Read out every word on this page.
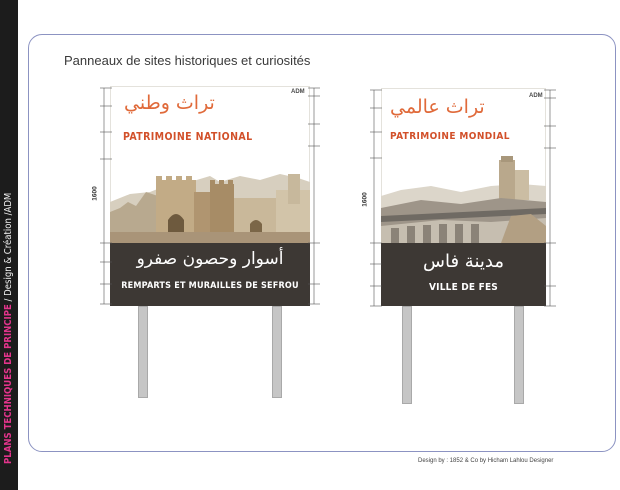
PLANS TECHNIQUES DE PRINCIPE / Design & Création /ADM
Panneaux de sites historiques et curiosités
Design by : 1852 & Co by Hicham Lahlou Designer
ADM
تراث وطني
PATRIMOINE NATIONAL
أسوار وحصون صفرو
REMPARTS ET MURAILLES DE SEFROU
1600
ADM
تراث عالمي
PATRIMOINE MONDIAL
مدينة فاس
VILLE DE FES
1600
